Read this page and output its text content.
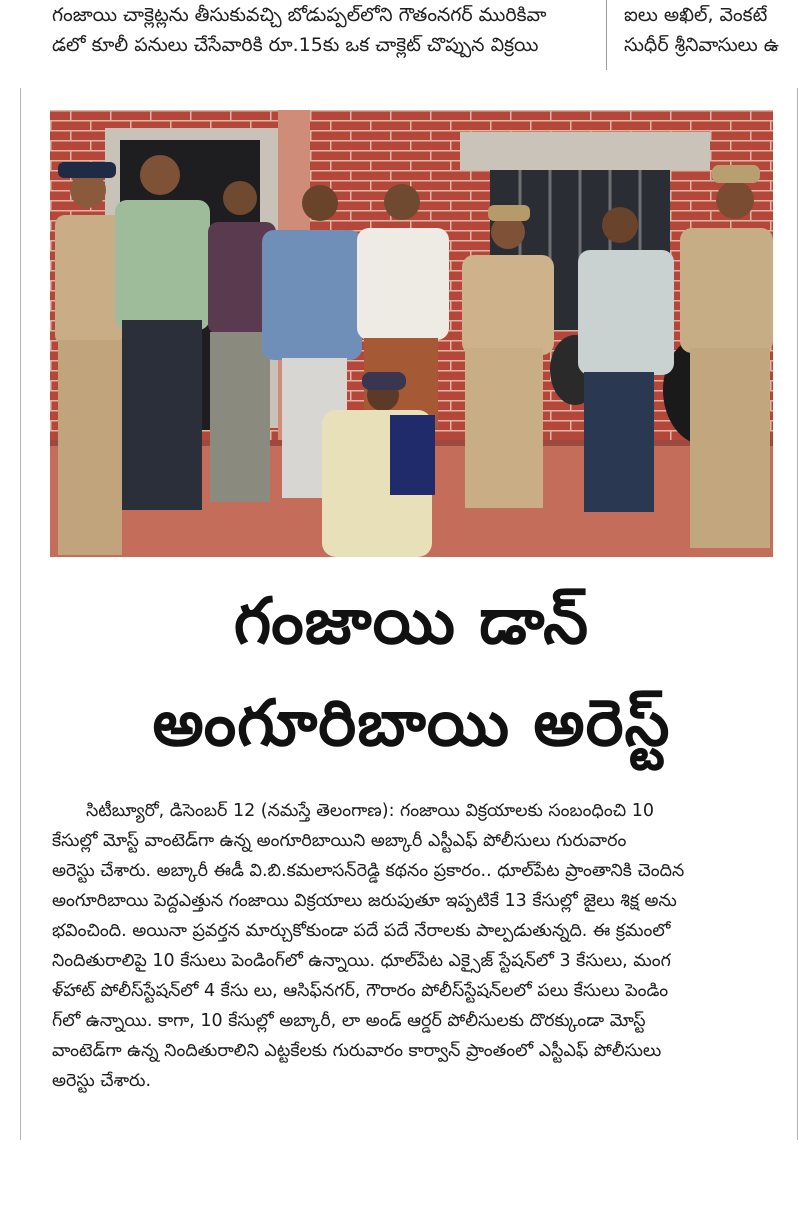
గంజాయి చాక్లెట్లను తీసుకువచ్చి బోడుప్పల్‌లోని గౌతంనగర్ మురికివా
డలో కూలీ పనులు చేసేవారికి రూ.15కు ఒక చాక్లెట్ చొప్పున విక్రయి
ఐలు అఖిల్, వెంకటే
సుధీర్ శ్రీనివాసులు ఉ
గంజాయి డాన్
అంగూరిబాయి అరెస్ట్
సిటీబ్యూరో, డిసెంబర్ 12 (నమస్తే తెలంగాణ): గంజాయి విక్రయాలకు సంబంధించి 10
కేసుల్లో మోస్ట్ వాంటెడ్‌గా ఉన్న అంగూరిబాయిని అబ్కారీ ఎస్టీఎఫ్ పోలీసులు గురువారం
అరెస్టు చేశారు. అబ్కారీ ఈడీ వి.బి.కమలాసన్‌రెడ్డి కథనం ప్రకారం.. ధూల్‌పేట ప్రాంతానికి చెందిన
అంగూరిబాయి పెద్దఎత్తున గంజాయి విక్రయాలు జరుపుతూ ఇప్పటికే 13 కేసుల్లో జైలు శిక్ష అను
భవించింది. అయినా ప్రవర్తన మార్చుకోకుండా పదే పదే నేరాలకు పాల్పడుతున్నది. ఈ క్రమంలో
నిందితురాలిపై 10 కేసులు పెండింగ్‌లో ఉన్నాయి. ధూల్‌పేట ఎక్సైజ్ స్టేషన్‌లో 3 కేసులు, మంగ
ళ్‌హాట్ పోలీస్‌స్టేషన్‌లో 4 కేసు లు, ఆసిఫ్‌నగర్, గౌరారం పోలీస్‌స్టేషన్‌లలో పలు కేసులు పెండిం
గ్‌లో ఉన్నాయి. కాగా, 10 కేసుల్లో అబ్కారీ, లా అండ్ ఆర్డర్ పోలీసులకు దొరక్కుండా మోస్ట్
వాంటెడ్‌గా ఉన్న నిందితురాలిని ఎట్టకేలకు గురువారం కార్వాన్ ప్రాంతంలో ఎస్టీఎఫ్ పోలీసులు
అరెస్టు చేశారు.
